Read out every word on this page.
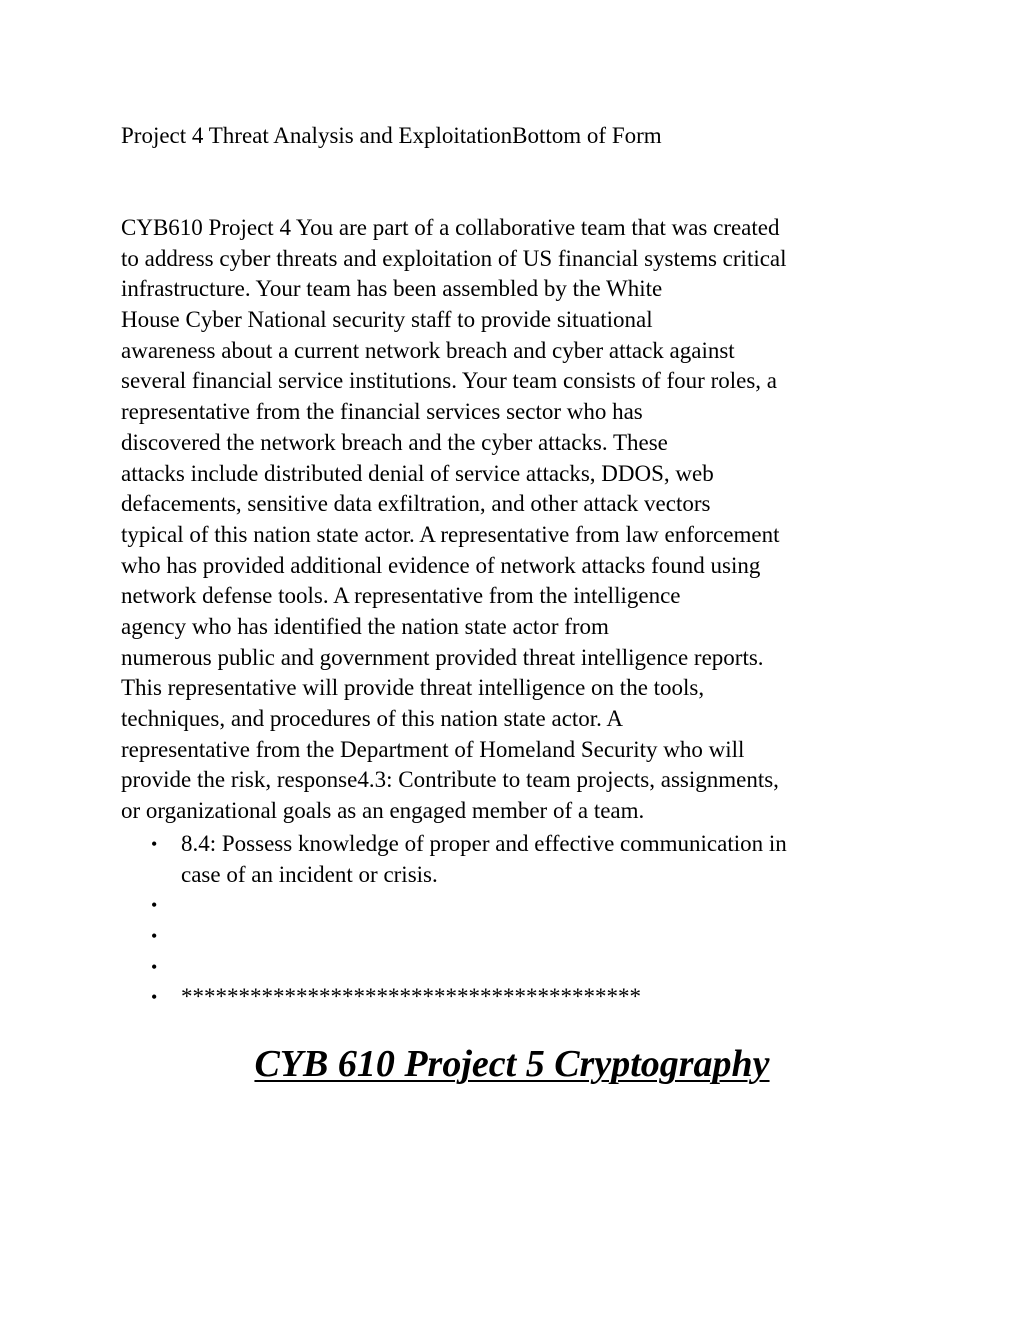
Project 4 Threat Analysis and ExploitationBottom of Form
CYB610 Project 4 You are part of a collaborative team that was created
to address cyber threats and exploitation of US financial systems critical
infrastructure. Your team has been assembled by the White
House Cyber National security staff to provide situational
awareness about a current network breach and cyber attack against
several financial service institutions. Your team consists of four roles, a
representative from the financial services sector who has
discovered the network breach and the cyber attacks. These
attacks include distributed denial of service attacks, DDOS, web
defacements, sensitive data exfiltration, and other attack vectors
typical of this nation state actor. A representative from law enforcement
who has provided additional evidence of network attacks found using
network defense tools. A representative from the intelligence
agency who has identified the nation state actor from
numerous public and government provided threat intelligence reports.
This representative will provide threat intelligence on the tools,
techniques, and procedures of this nation state actor. A
representative from the Department of Homeland Security who will
provide the risk, response4.3: Contribute to team projects, assignments,
or organizational goals as an engaged member of a team.
• 8.4: Possess knowledge of proper and effective communication in
case of an incident or crisis.
•
•
•
• ****************************************
CYB 610 Project 5 Cryptography
